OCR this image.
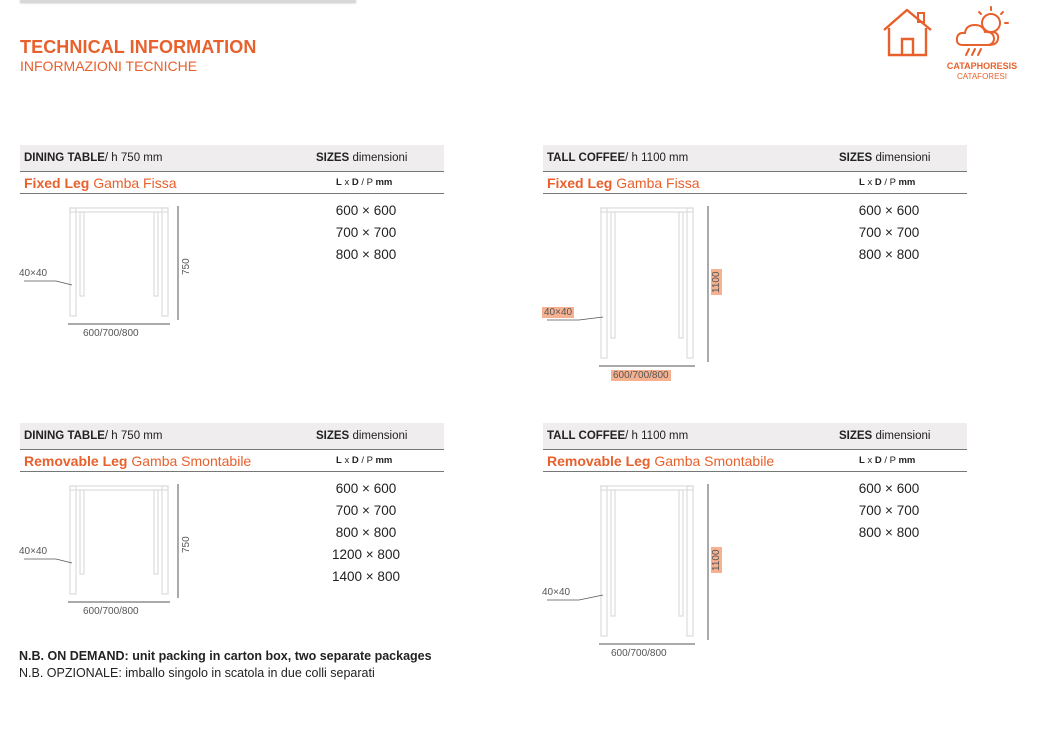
TECHNICAL INFORMATION
INFORMAZIONI TECNICHE	CATAPHORESIS
CATAFORESI
DINING TABLE/ h 750 mm	SIZES dimensioni
Fixed Leg Gamba Fissa	L x D / P mm
600 × 600
700 × 700
800 × 800
750
600/700/800
40×40
TALL COFFEE/ h 1100 mm	SIZES dimensioni
Fixed Leg Gamba Fissa	L x D / P mm
600 × 600
700 × 700
800 × 800
1100
600/700/800
40×40
DINING TABLE/ h 750 mm	SIZES dimensioni
Removable Leg Gamba Smontabile	L x D / P mm
600 × 600
700 × 700
800 × 800
1200 × 800
1400 × 800
750
600/700/800
40×40
TALL COFFEE/ h 1100 mm	SIZES dimensioni
Removable Leg Gamba Smontabile	L x D / P mm
600 × 600
700 × 700
800 × 800
1100
600/700/800
40×40
N.B. ON DEMAND: unit packing in carton box, two separate packages
N.B. OPZIONALE: imballo singolo in scatola in due colli separati
